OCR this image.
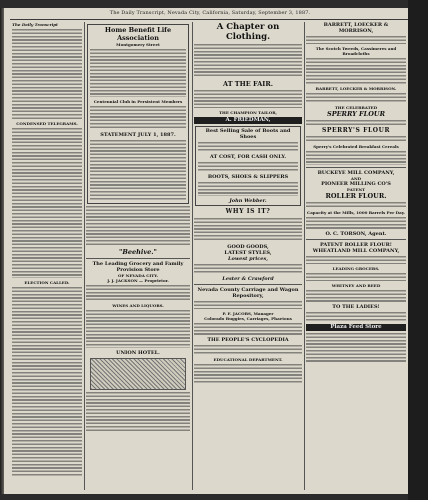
The Daily Transcript, Nevada City, California, Saturday, September 3, 1887.
The Daily Transcript
CONDENSED TELEGRAMS.
ELECTION CALLED.
Home Benefit Life Association
Montgomery Street
Centennial Club in Persistent Members
STATEMENT JULY 1, 1887.
"Beehive."
The Leading Grocery and Family Provision Store
OF NEVADA CITY.
J. J. JACKSON — Proprietor.
WINES AND LIQUORS.
UNION HOTEL.
A Chapter on Clothing.
AT THE FAIR.
THE CHAMPION TAILOR,
A. FRIEDMAN,
Best Selling Sale of Boots and Shoes
AT COST, FOR CASH ONLY.
BOOTS, SHOES & SLIPPERS
John Webber.
WHY IS IT?
GOOD GOODS,
LATEST STYLES,
Lowest prices,
Lester & Crawford
Nevada County Carriage and Wagon Repository,
P. F. JACOBS, Manager
Colorado Buggies, Carriages, Phaetons
THE PEOPLE'S CYCLOPEDIA
EDUCATIONAL DEPARTMENT.
BARRETT, LOECKER & MORRISON,
The Scotch Tweeds, Cassimeres and Broadcloths
BARRETT, LOECKER & MORRISON.
THE CELEBRATED
SPERRY FLOUR
SPERRY'S FLOUR
Sperry's Celebrated Breakfast Cereals
BUCKEYE MILL COMPANY,
AND
PIONEER MILLING CO'S
PATENT
ROLLER FLOUR.
Capacity at the Mills, 1000 Barrels Per Day.
O. C. TORSON, Agent.
PATENT ROLLER FLOUR!
WHEATLAND MILL COMPANY,
LEADING GROCERS.
WHITNEY AND REED
TO THE LADIES!
Plaza Feed Store
